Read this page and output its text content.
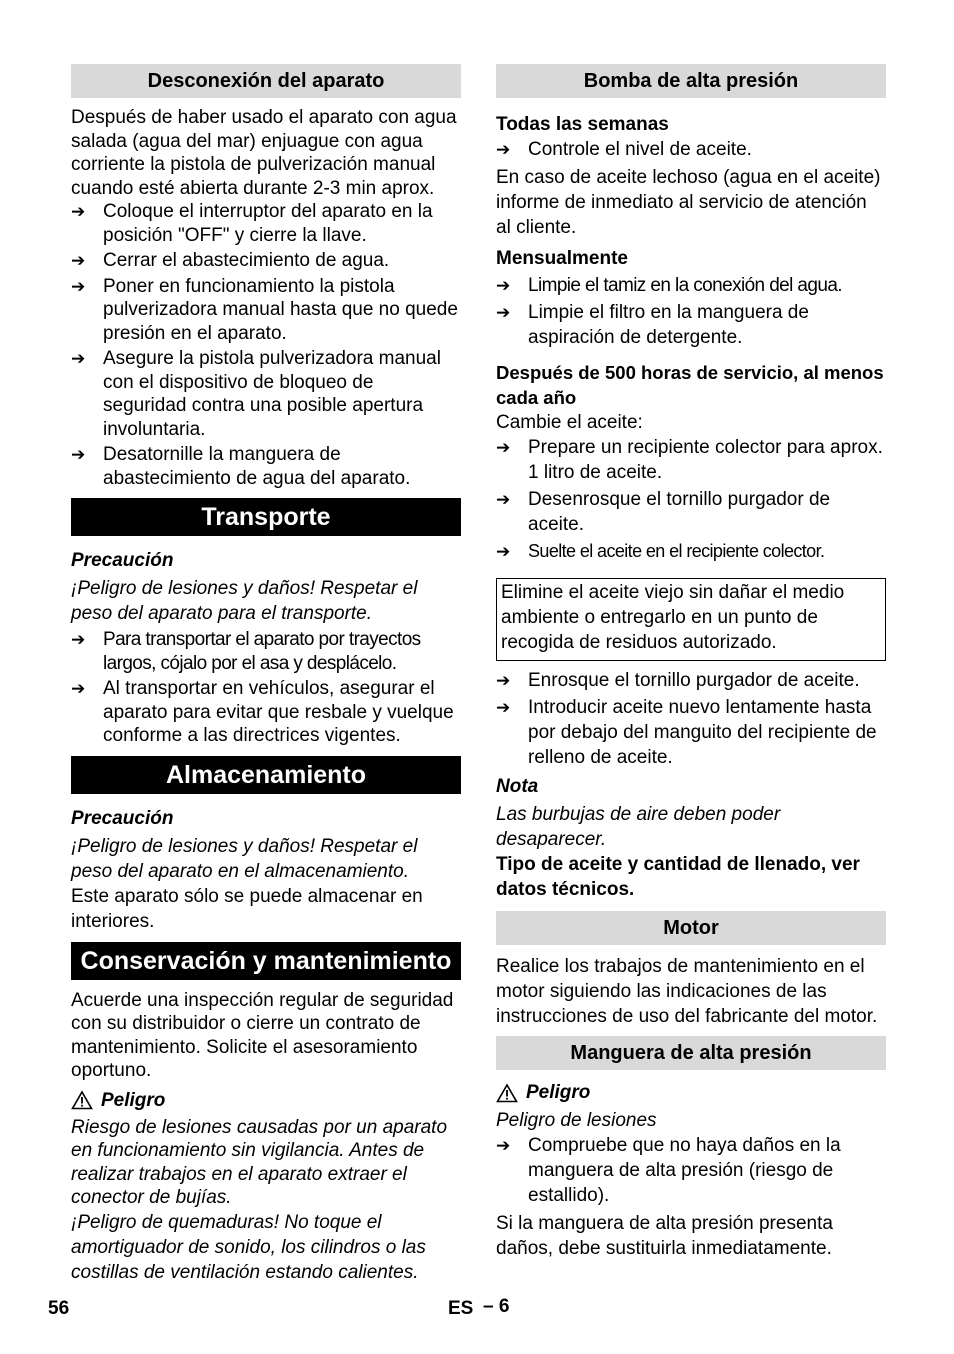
Desconexión del aparato

Después de haber usado el aparato con agua salada (agua del mar) enjuague con agua corriente la pistola de pulverización manual cuando esté abierta durante 2-3 min aprox.

➔ Coloque el interruptor del aparato en la posición "OFF" y cierre la llave.
➔ Cerrar el abastecimiento de agua.
➔ Poner en funcionamiento la pistola pulverizadora manual hasta que no quede presión en el aparato.
➔ Asegure la pistola pulverizadora manual con el dispositivo de bloqueo de seguridad contra una posible apertura involuntaria.
➔ Desatornille la manguera de abastecimiento de agua del aparato.
Transporte
Precaución

¡Peligro de lesiones y daños! Respetar el peso del aparato para el transporte.

➔ Para transportar el aparato por trayectos largos, cójalo por el asa y desplácelo.
➔ Al transportar en vehículos, asegurar el aparato para evitar que resbale y vuelque conforme a las directrices vigentes.
Almacenamiento
Precaución

¡Peligro de lesiones y daños! Respetar el peso del aparato en el almacenamiento.

Este aparato sólo se puede almacenar en interiores.

Conservación y mantenimiento

Acuerde una inspección regular de seguridad con su distribuidor o cierre un contrato de mantenimiento. Solicite el asesoramiento oportuno.

Peligro

Riesgo de lesiones causadas por un aparato en funcionamiento sin vigilancia. Antes de realizar trabajos en el aparato extraer el conector de bujías.

¡Peligro de quemaduras! No toque el amortiguador de sonido, los cilindros o las costillas de ventilación estando calientes.

Bomba de alta presión
Todas las semanas
➔ Controle el nivel de aceite.

En caso de aceite lechoso (agua en el aceite) informe de inmediato al servicio de atención al cliente.

Mensualmente
➔ Limpie el tamiz en la conexión del agua.
➔ Limpie el filtro en la manguera de aspiración de detergente.
Después de 500 horas de servicio, al menos cada año

Cambie el aceite:

➔ Prepare un recipiente colector para aprox. 1 litro de aceite.
➔ Desenrosque el tornillo purgador de aceite.
➔	Suelte el aceite en el recipiente colector.
Elimine el aceite viejo sin dañar el medio ambiente o entregarlo en un punto de recogida de residuos autorizado.
➔ Enrosque el tornillo purgador de aceite.
➔ Introducir aceite nuevo lentamente hasta por debajo del manguito del recipiente de relleno de aceite.
Nota

Las burbujas de aire deben poder desaparecer.

Tipo de aceite y cantidad de llenado, ver datos técnicos.

Motor

Realice los trabajos de mantenimiento en el motor siguiendo las indicaciones de las instrucciones de uso del fabricante del motor.

Manguera de alta presión
Peligro

Peligro de lesiones

➔ Compruebe que no haya daños en la manguera de alta presión (riesgo de estallido).

Si la manguera de alta presión presenta daños, debe sustituirla inmediatamente.

56	ES – 6
